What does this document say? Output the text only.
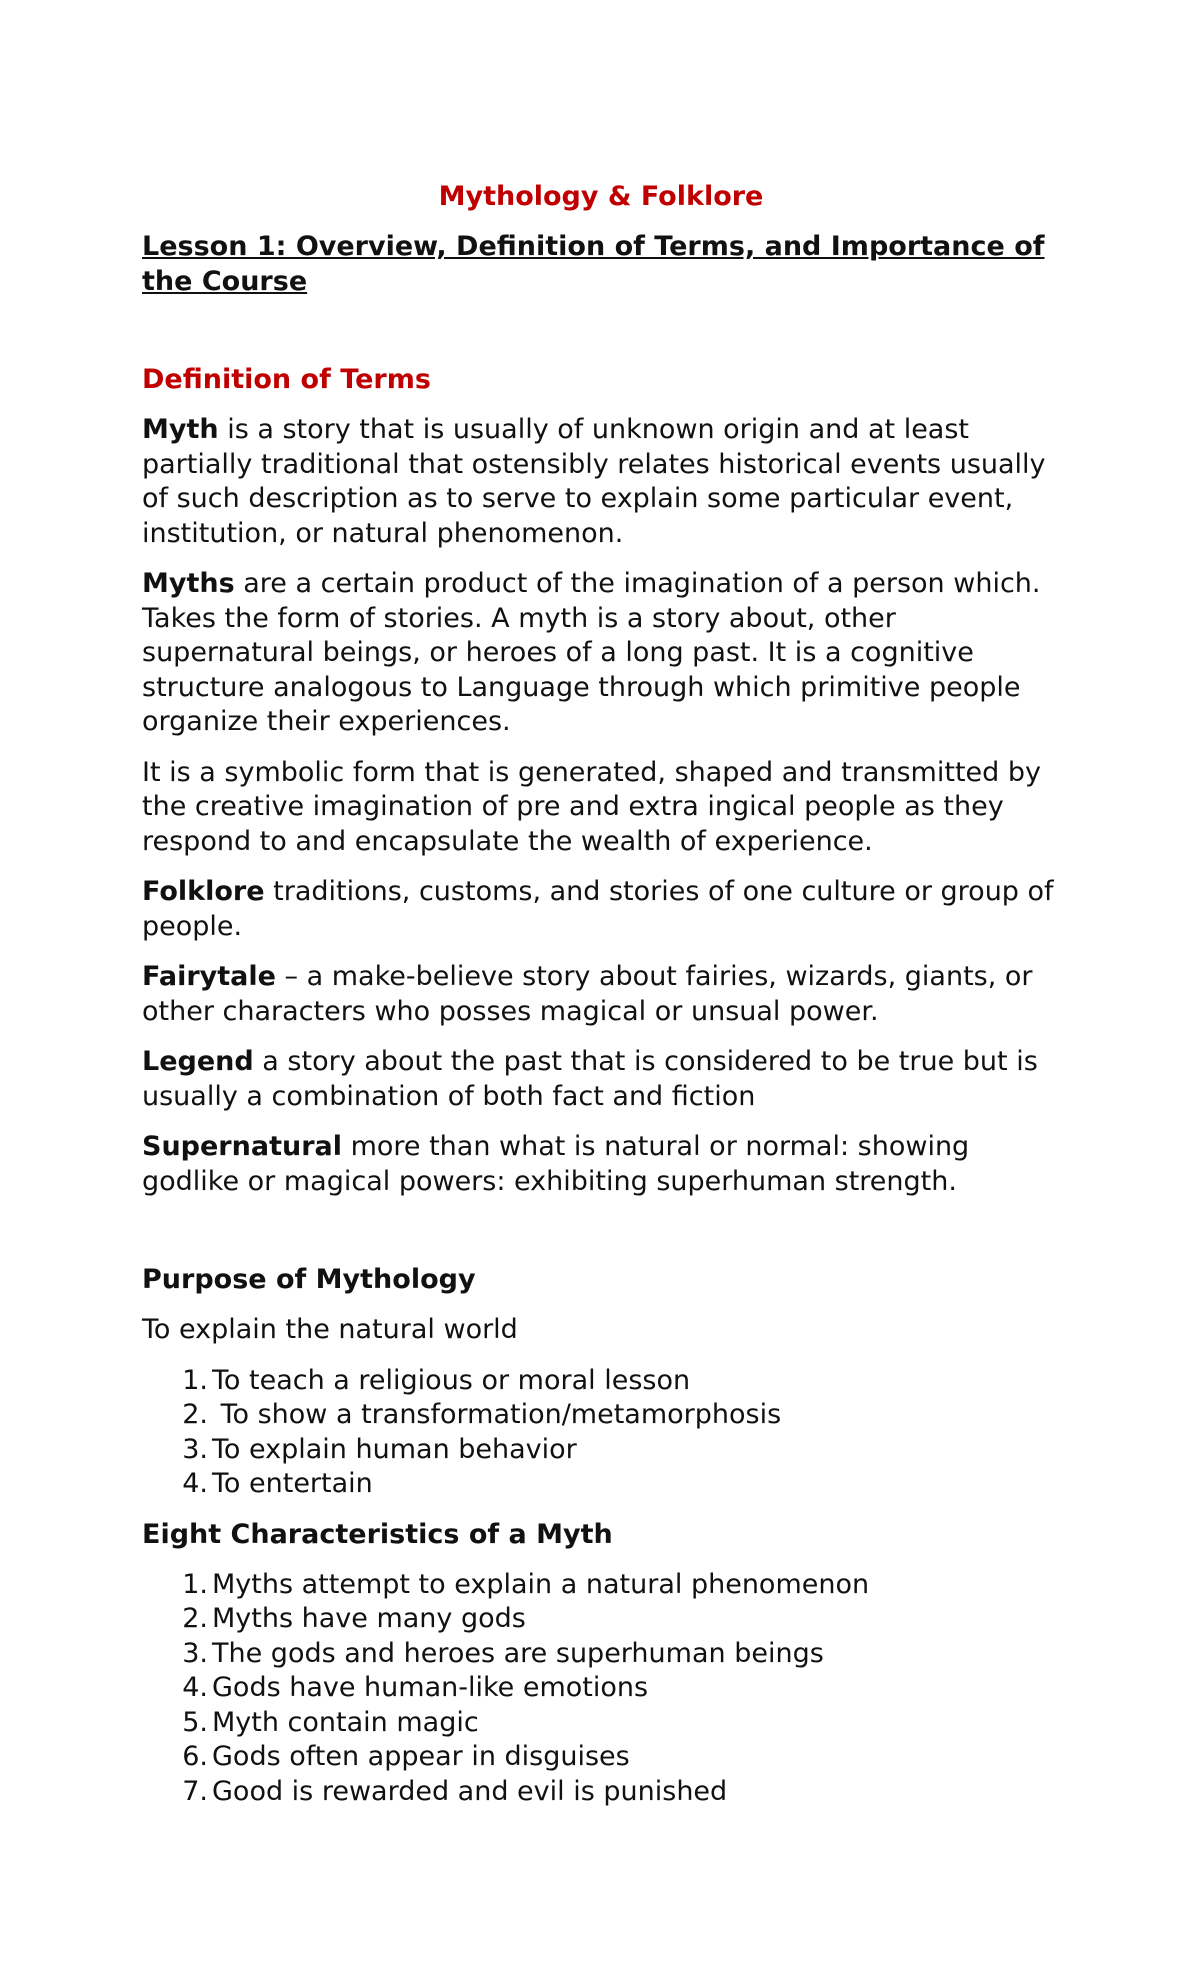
Mythology & Folklore
Lesson 1: Overview, Definition of Terms, and Importance of the Course
Definition of Terms

Myth is a story that is usually of unknown origin and at least partially traditional that ostensibly relates historical events usually of such description as to serve to explain some particular event, institution, or natural phenomenon.

Myths are a certain product of the imagination of a person which. Takes the form of stories. A myth is a story about, other supernatural beings, or heroes of a long past. It is a cognitive structure analogous to Language through which primitive people organize their experiences.

It is a symbolic form that is generated, shaped and transmitted by the creative imagination of pre and extra ingical people as they respond to and encapsulate the wealth of experience.

Folklore traditions, customs, and stories of one culture or group of people.

Fairytale – a make-believe story about fairies, wizards, giants, or other characters who posses magical or unsual power.

Legend a story about the past that is considered to be true but is usually a combination of both fact and fiction

Supernatural more than what is natural or normal: showing godlike or magical powers: exhibiting superhuman strength.

Purpose of Mythology
To explain the natural world
1. To teach a religious or moral lesson
2. To show a transformation/metamorphosis
3. To explain human behavior
4. To entertain
Eight Characteristics of a Myth
1. Myths attempt to explain a natural phenomenon
2. Myths have many gods
3. The gods and heroes are superhuman beings
4. Gods have human-like emotions
5. Myth contain magic
6. Gods often appear in disguises
7. Good is rewarded and evil is punished
